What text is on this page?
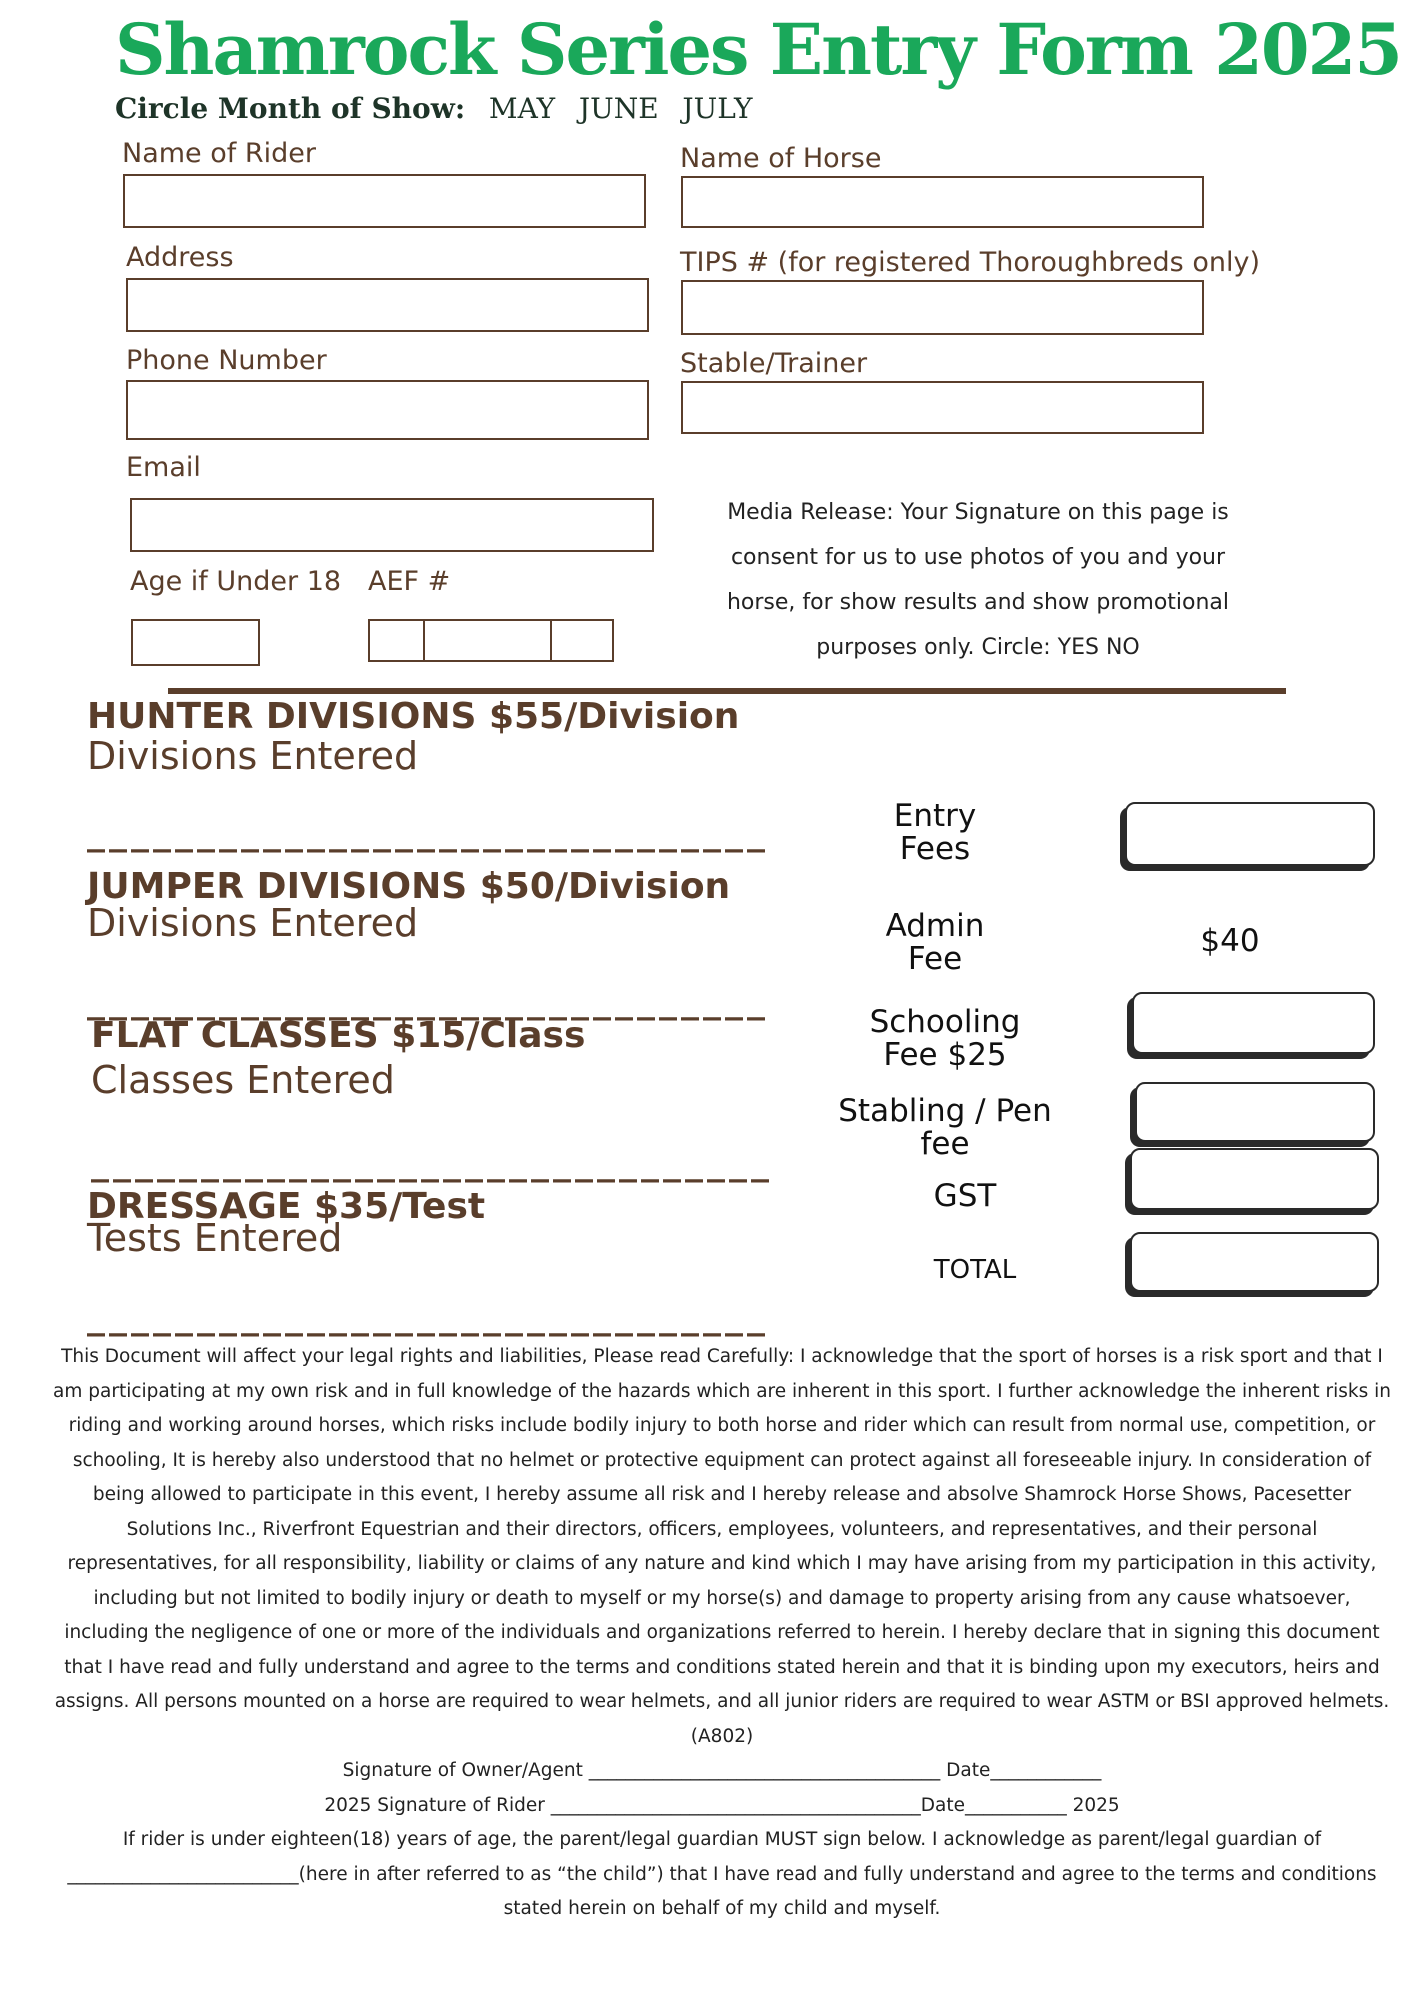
Shamrock Series Entry Form 2025
Circle Month of Show: MAY JUNE JULY
Name of Rider
Address
Phone Number
Email
Age if Under 18 AEF #
Name of Horse
TIPS # (for registered Thoroughbreds only)
Stable/Trainer
Media Release: Your Signature on this page is consent for us to use photos of you and your horse, for show results and show promotional purposes only. Circle: YES NO
HUNTER DIVISIONS $55/Division
Divisions Entered
_______________________________
JUMPER DIVISIONS $50/Division
Divisions Entered
_______________________________
FLAT CLASSES $15/Class
Classes Entered
_______________________________
DRESSAGE $35/Test
Tests Entered
_______________________________
Entry
Fees
Admin
Fee	$40
Schooling
Fee $25
Stabling / Pen
fee
GST
TOTAL

This Document will affect your legal rights and liabilities, Please read Carefully: I acknowledge that the sport of horses is a risk sport and that I am participating at my own risk and in full knowledge of the hazards which are inherent in this sport. I further acknowledge the inherent risks in riding and working around horses, which risks include bodily injury to both horse and rider which can result from normal use, competition, or schooling, It is hereby also understood that no helmet or protective equipment can protect against all foreseeable injury. In consideration of being allowed to participate in this event, I hereby assume all risk and I hereby release and absolve Shamrock Horse Shows, Pacesetter Solutions Inc., Riverfront Equestrian and their directors, officers, employees, volunteers, and representatives, and their personal representatives, for all responsibility, liability or claims of any nature and kind which I may have arising from my participation in this activity, including but not limited to bodily injury or death to myself or my horse(s) and damage to property arising from any cause whatsoever, including the negligence of one or more of the individuals and organizations referred to herein. I hereby declare that in signing this document that I have read and fully understand and agree to the terms and conditions stated herein and that it is binding upon my executors, heirs and assigns. All persons mounted on a horse are required to wear helmets, and all junior riders are required to wear ASTM or BSI approved helmets.(A802)

Signature of Owner/Agent ______________________________________ Date____________

2025 Signature of Rider ________________________________________Date___________ 2025

If rider is under eighteen(18) years of age, the parent/legal guardian MUST sign below. I acknowledge as parent/legal guardian of _________________________(here in after referred to as “the child”) that I have read and fully understand and agree to the terms and conditions stated herein on behalf of my child and myself.
